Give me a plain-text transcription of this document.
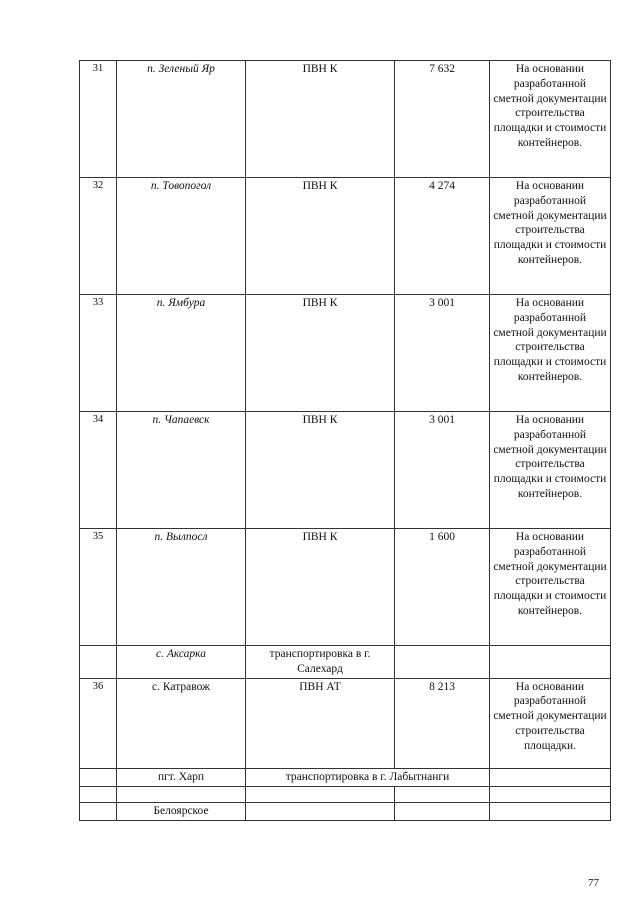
31	п. Зеленый Яр	ПВН К	7 632	На основании разработанной сметной документации строительства площадки и стоимости контейнеров.
32	п. Товопогол	ПВН К	4 274	На основании разработанной сметной документации строительства площадки и стоимости контейнеров.
33	п. Ямбура	ПВН К	3 001	На основании разработанной сметной документации строительства площадки и стоимости контейнеров.
34	п. Чапаевск	ПВН К	3 001	На основании разработанной сметной документации строительства площадки и стоимости контейнеров.
35	п. Вылпосл	ПВН К	1 600	На основании разработанной сметной документации строительства площадки и стоимости контейнеров.
	с. Аксарка	транспортировка в г. Салехард		
36	с. Катравож	ПВН АТ	8 213	На основании разработанной сметной документации строительства площадки.
	пгт. Харп	транспортировка в г. Лабытнанги		

	Белоярское			
77
